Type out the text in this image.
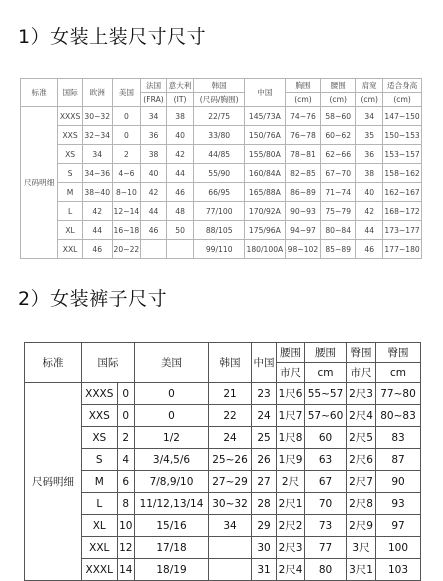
1）女装上装尺寸尺寸
标准	国际	欧洲	美国	法国	意大利	韩国	中国	胸围	腰围	肩宽	适合身高
				(FRA)	(IT)	(尺码/胸围)		(cm)	(cm)	(cm)	(cm)
尺码明细	XXXS	30~32	0	34	38	22/75	145/73A	74~76	58~60	34	147~150
	XXS	32~34	0	36	40	33/80	150/76A	76~78	60~62	35	150~153
	XS	34	2	38	42	44/85	155/80A	78~81	62~66	36	153~157
	S	34~36	4~6	40	44	55/90	160/84A	82~85	67~70	38	158~162
	M	38~40	8~10	42	46	66/95	165/88A	86~89	71~74	40	162~167
	L	42	12~14	44	48	77/100	170/92A	90~93	75~79	42	168~172
	XL	44	16~18	46	50	88/105	175/96A	94~97	80~84	44	173~177
	XXL	46	20~22			99/110	180/100A	98~102	85~89	46	177~180
2）女装裤子尺寸
标准	国际		美国	韩国	中国	腰围	腰围	臀围	臀围
						市尺	cm	市尺	cm
尺码明细	XXXS	0	0	21	23	1尺6	55~57	2尺3	77~80
	XXS	0	0	22	24	1尺7	57~60	2尺4	80~83
	XS	2	1/2	24	25	1尺8	60	2尺5	83
	S	4	3/4,5/6	25~26	26	1尺9	63	2尺6	87
	M	6	7/8,9/10	27~29	27	2尺	67	2尺7	90
	L	8	11/12,13/14	30~32	28	2尺1	70	2尺8	93
	XL	10	15/16	34	29	2尺2	73	2尺9	97
	XXL	12	17/18		30	2尺3	77	3尺	100
	XXXL	14	18/19		31	2尺4	80	3尺1	103
